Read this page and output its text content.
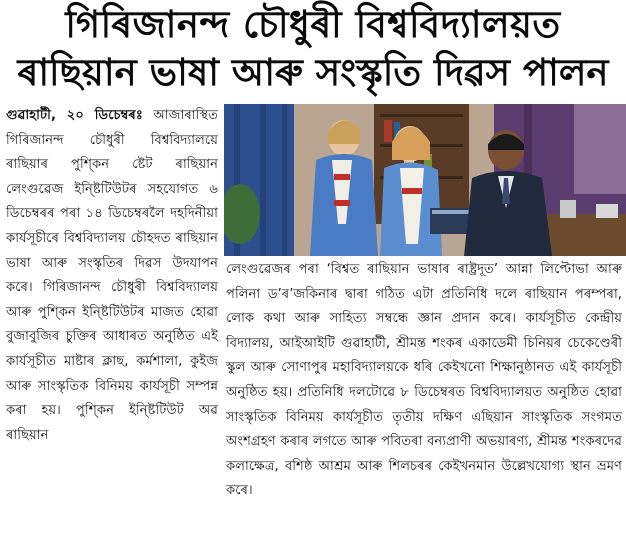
গিৰিজানন্দ চৌধুৰী বিশ্ববিদ্যালয়ত
ৰাছিয়ান ভাষা আৰু সংস্কৃতি দিৱস পালন

গুৱাহাটী, ২০ ডিচেম্বৰঃ আজাৰাস্থিত গিৰিজানন্দ চৌধুৰী বিশ্ববিদ্যালয়ে ৰাছিয়াৰ পুশ্কিন ষ্টেট ৰাছিয়ান লেংগুৱেজ ইন্ষ্টিটিউটৰ সহযোগত ৬ ডিচেম্বৰৰ পৰা ১৪ ডিচেম্বৰলৈ দহদিনীয়া কাৰ্যসূচীৰে বিশ্ববিদ্যালয় চৌহদত ৰাছিয়ান ভাষা আৰু সংস্কৃতিৰ দিৱস উদযাপন কৰে। গিৰিজানন্দ চৌধুৰী বিশ্ববিদ্যালয় আৰু পুশ্কিন ইন্ষ্টিটিউটৰ মাজত হোৱা বুজাবুজিৰ চুক্তিৰ আধাৰত অনুষ্ঠিত এই কাৰ্যসূচীত মাষ্টাৰ ক্লাছ, কৰ্মশালা, কুইজ আৰু সাংস্কৃতিক বিনিময় কাৰ্যসূচী সম্পন্ন কৰা হয়। পুশ্কিন ইন্ষ্টিটিউট অৱ ৰাছিয়ান

লেংগুৱেজৰ পৰা ‘বিশ্বত ৰাছিয়ান ভাষাৰ ৰাষ্ট্ৰদূত’ আন্না লিপ্টোভা আৰু পলিনা ড’ৰ’জকিনাৰ দ্বাৰা গঠিত এটা প্ৰতিনিধি দলে ৰাছিয়ান পৰম্পৰা, লোক কথা আৰু সাহিত্য সম্বন্ধে জ্ঞান প্ৰদান কৰে। কাৰ্যসূচীত কেন্দ্ৰীয় বিদ্যালয়, আইআইটি গুৱাহাটী, শ্ৰীমন্ত শংকৰ একাডেমী চিনিয়ৰ চেকেণ্ডেৰী স্কুল আৰু সোণাপুৰ মহাবিদ্যালয়কে ধৰি কেইখনো শিক্ষানুষ্ঠানত এই কাৰ্যসূচী অনুষ্ঠিত হয়। প্ৰতিনিধি দলটোৱে ৮ ডিচেম্বৰত বিশ্ববিদ্যালয়ত অনুষ্ঠিত হোৱা সাংস্কৃতিক বিনিময় কাৰ্যসূচীত তৃতীয় দক্ষিণ এছিয়ান সাংস্কৃতিক সংগমত অংশগ্ৰহণ কৰাৰ লগতে আৰু পবিতৰা বন্যপ্ৰাণী অভয়াৰণ্য, শ্ৰীমন্ত শংকৰদেৱ কলাক্ষেত্ৰ, বশিষ্ঠ আশ্ৰম আৰু শিলচৰৰ কেইখনমান উল্লেখযোগ্য স্থান ভ্ৰমণ কৰে।
